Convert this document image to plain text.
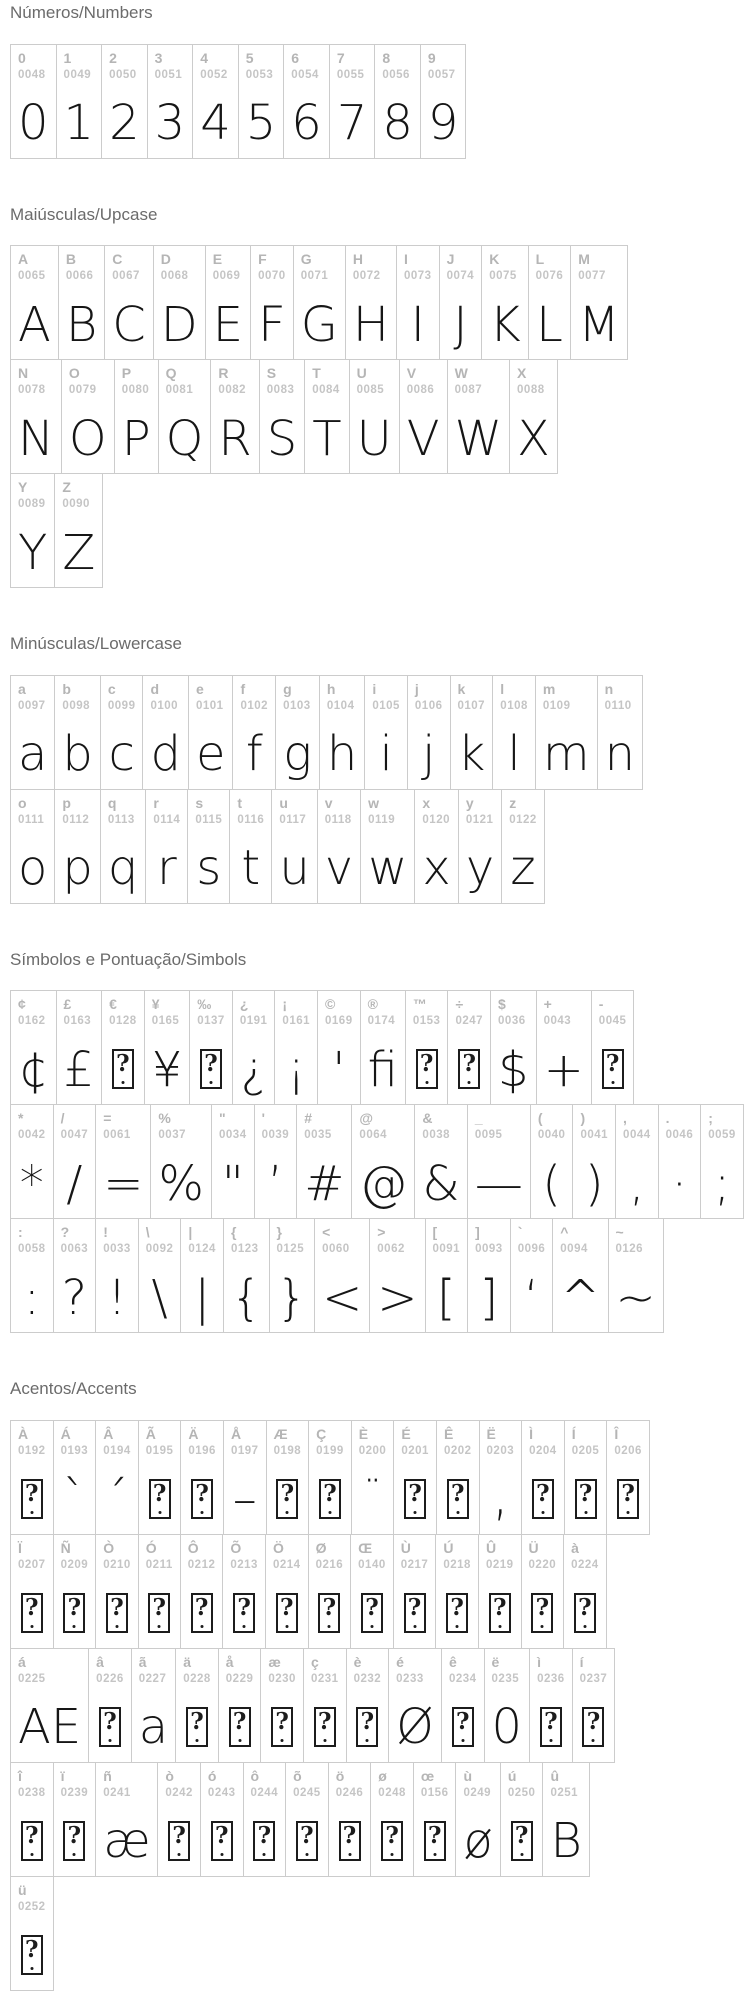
Números/Numbers
0
0048
0
1
0049
1
2
0050
2
3
0051
3
4
0052
4
5
0053
5
6
0054
6
7
0055
7
8
0056
8
9
0057
9
Maiúsculas/Upcase
A
0065
A
B
0066
B
C
0067
C
D
0068
D
E
0069
E
F
0070
F
G
0071
G
H
0072
H
I
0073
I
J
0074
J
K
0075
K
L
0076
L
M
0077
M
N
0078
N
O
0079
O
P
0080
P
Q
0081
Q
R
0082
R
S
0083
S
T
0084
T
U
0085
U
V
0086
V
W
0087
W
X
0088
X
Y
0089
Y
Z
0090
Z
Minúsculas/Lowercase
a
0097
a
b
0098
b
c
0099
c
d
0100
d
e
0101
e
f
0102
f
g
0103
g
h
0104
h
i
0105
i
j
0106
j
k
0107
k
l
0108
l
m
0109
m
n
0110
n
o
0111
o
p
0112
p
q
0113
q
r
0114
r
s
0115
s
t
0116
t
u
0117
u
v
0118
v
w
0119
w
x
0120
x
y
0121
y
z
0122
z
Símbolos e Pontuação/Simbols
¢
0162
¢
£
0163
£
€
0128
?
¥
0165
¥
‰
0137
?
¿
0191
¿
¡
0161
¡
©
0169
'
®
0174
fi
™
0153
?
÷
0247
?
$
0036
$
+
0043
+
-
0045
?
*
0042
*
/
0047
/
=
0061
=
%
0037
%
"
0034
"
'
0039
’
#
0035
#
@
0064
@
&
0038
&
_
0095
—
(
0040
(
)
0041
)
,
0044
,
.
0046
·
;
0059
;
:
0058
:
?
0063
?
!
0033
!
\
0092
\
|
0124
|
{
0123
{
}
0125
}
<
0060
<
>
0062
>
[
0091
[
]
0093
]
`
0096
‘
^
0094
^
~
0126
~
Acentos/Accents
À
0192
?
Á
0193
`
Â
0194
´
Ã
0195
?
Ä
0196
?
Å
0197
–
Æ
0198
?
Ç
0199
?
È
0200
¨
É
0201
?
Ê
0202
?
Ë
0203
‚
Ì
0204
?
Í
0205
?
Î
0206
?
Ï
0207
?
Ñ
0209
?
Ò
0210
?
Ó
0211
?
Ô
0212
?
Õ
0213
?
Ö
0214
?
Ø
0216
?
Œ
0140
?
Ù
0217
?
Ú
0218
?
Û
0219
?
Ü
0220
?
à
0224
?
á
0225
AE
â
0226
?
ã
0227
a
ä
0228
?
å
0229
?
æ
0230
?
ç
0231
?
è
0232
?
é
0233
Ø
ê
0234
?
ë
0235
0
ì
0236
?
í
0237
?
î
0238
?
ï
0239
?
ñ
0241
æ
ò
0242
?
ó
0243
?
ô
0244
?
õ
0245
?
ö
0246
?
ø
0248
?
œ
0156
?
ù
0249
ø
ú
0250
?
û
0251
B
ü
0252
?
